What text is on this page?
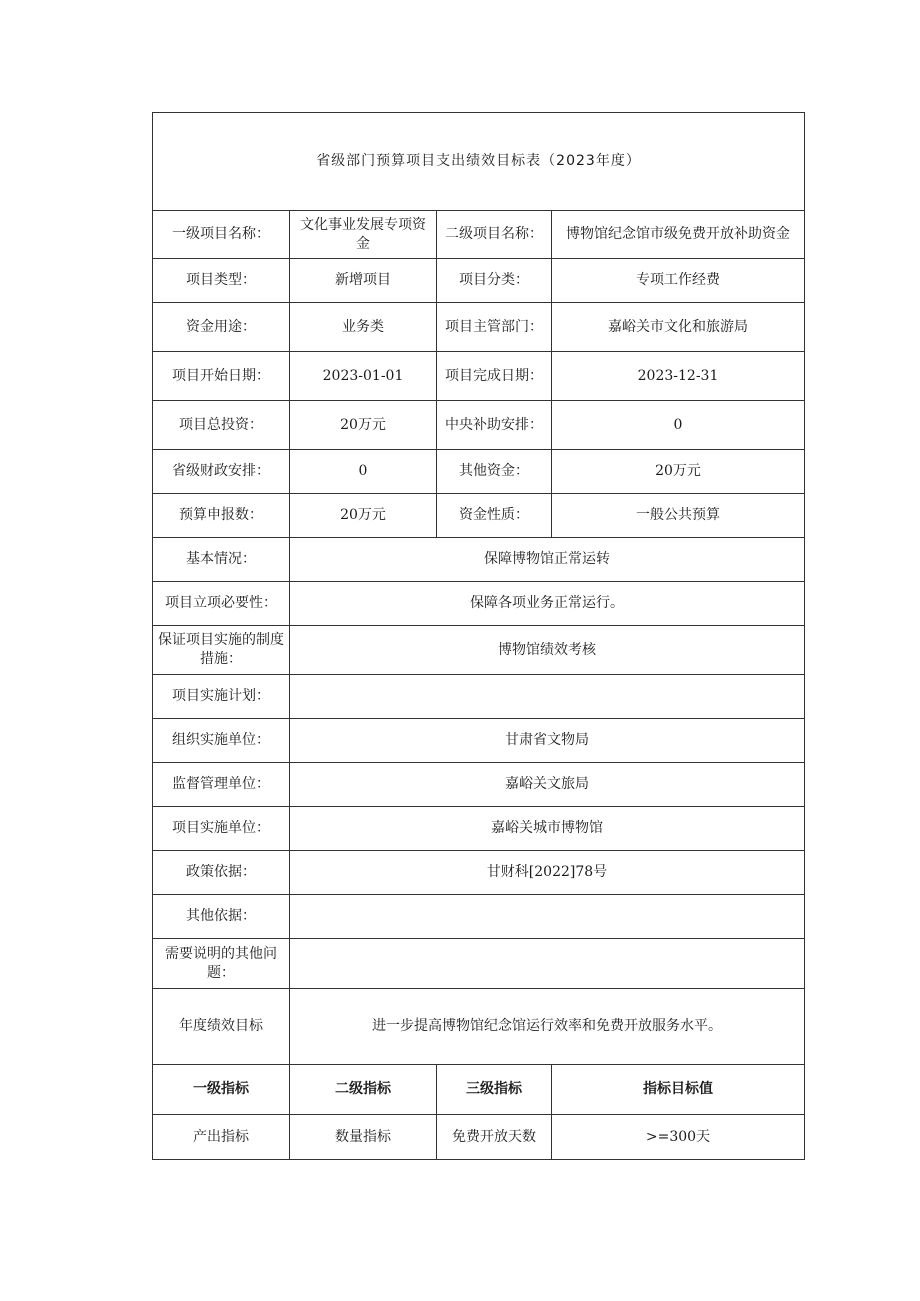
省级部门预算项目支出绩效目标表（2023年度）			
一级项目名称：	文化事业发展专项资金	二级项目名称：	博物馆纪念馆市级免费开放补助资金
项目类型：	新增项目	项目分类：	专项工作经费
资金用途：	业务类	项目主管部门：	嘉峪关市文化和旅游局
项目开始日期：	2023-01-01	项目完成日期：	2023-12-31
项目总投资：	20万元	中央补助安排：	0
省级财政安排：	0	其他资金：	20万元
预算申报数：	20万元	资金性质：	一般公共预算
基本情况：	保障博物馆正常运转		
项目立项必要性：	保障各项业务正常运行。		
保证项目实施的制度措施：	博物馆绩效考核		
项目实施计划：			
组织实施单位：	甘肃省文物局		
监督管理单位：	嘉峪关文旅局		
项目实施单位：	嘉峪关城市博物馆		
政策依据：	甘财科[2022]78号		
其他依据：			
需要说明的其他问题：			
年度绩效目标	进一步提高博物馆纪念馆运行效率和免费开放服务水平。		
一级指标	二级指标	三级指标	指标目标值
产出指标	数量指标	免费开放天数	>=300天
